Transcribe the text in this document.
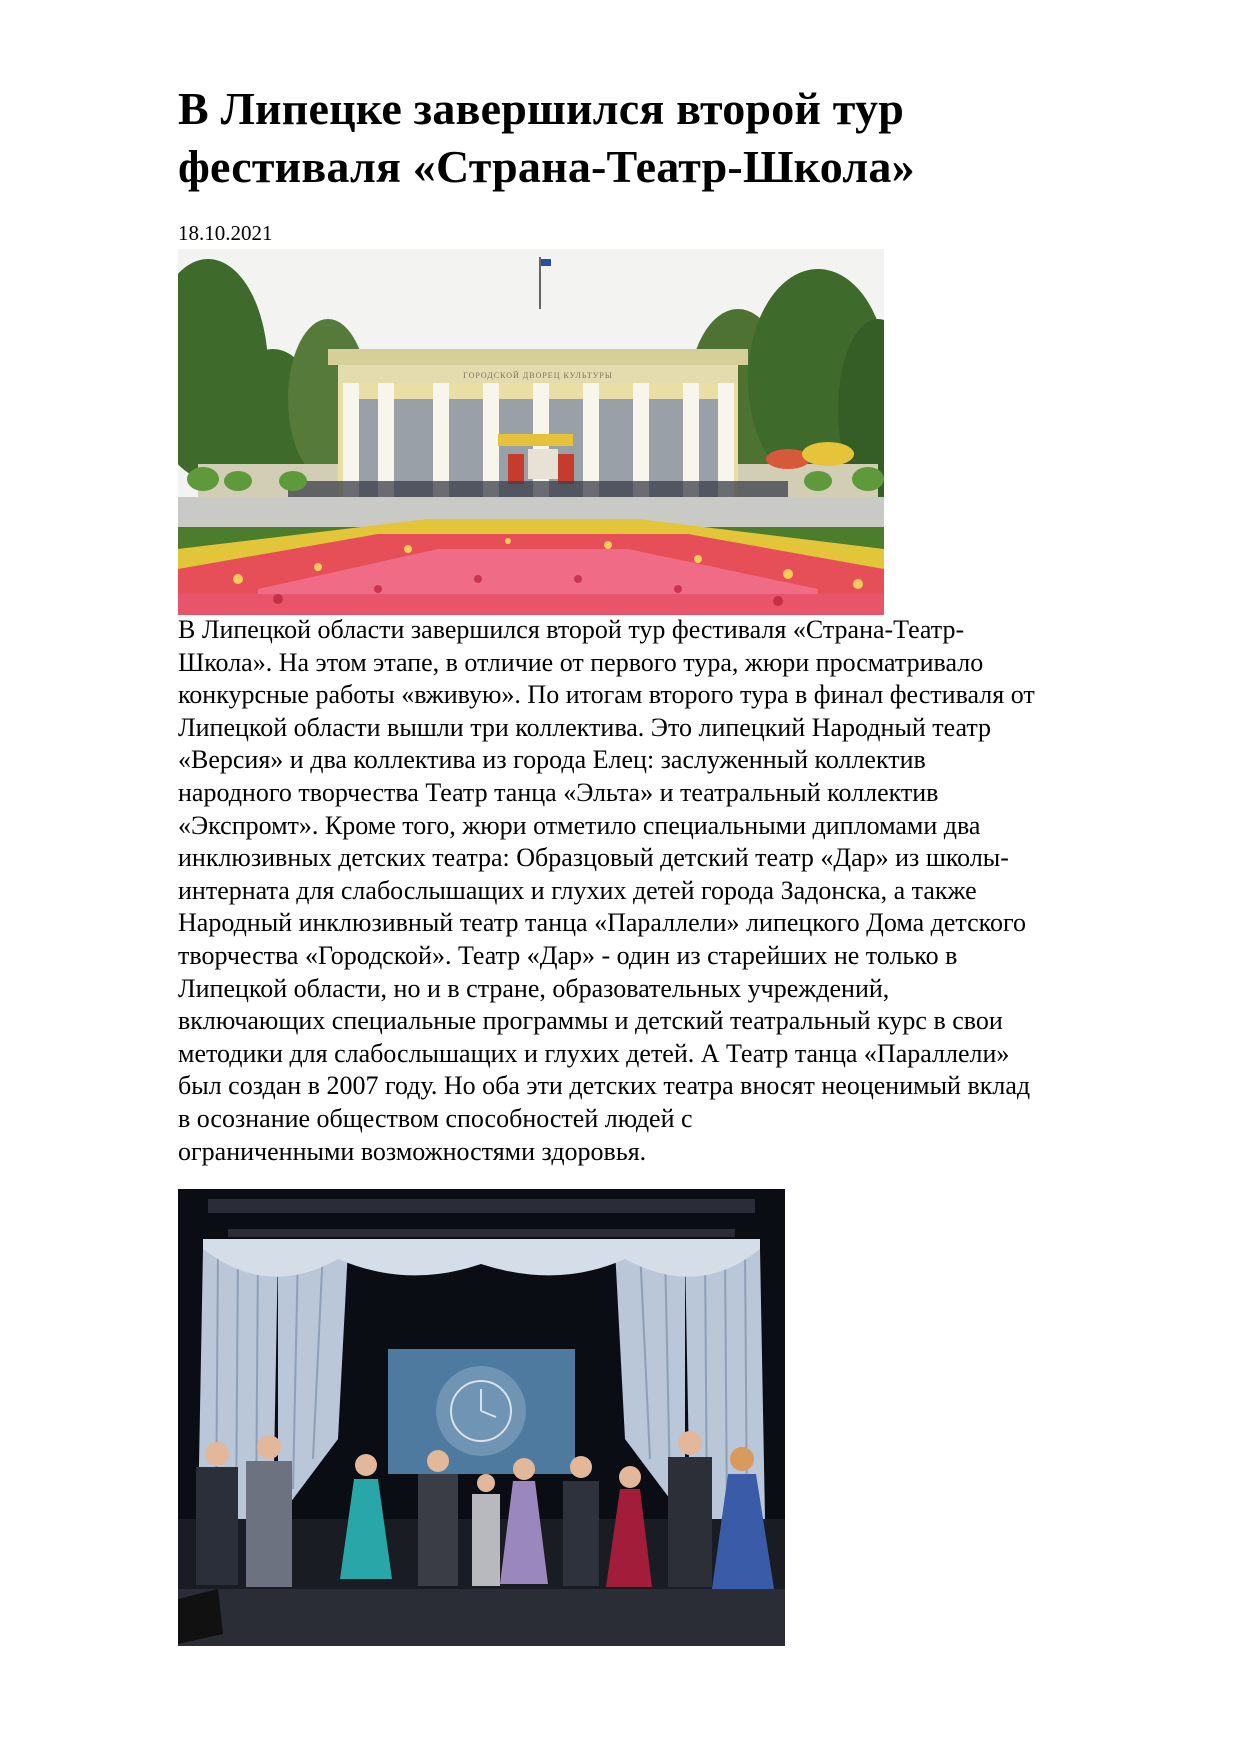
В Липецке завершился второй тур
фестиваля «Страна-Театр-Школа»
18.10.2021
ГОРОДСКОЙ ДВОРЕЦ КУЛЬТУРЫ
В Липецкой области завершился второй тур фестиваля «Страна-Театр-
Школа». На этом этапе, в отличие от первого тура, жюри просматривало
конкурсные работы «вживую». По итогам второго тура в финал фестиваля от
Липецкой области вышли три коллектива. Это липецкий Народный театр
«Версия» и два коллектива из города Елец: заслуженный коллектив
народного творчества Театр танца «Эльта» и театральный коллектив
«Экспромт». Кроме того, жюри отметило специальными дипломами два
инклюзивных детских театра: Образцовый детский театр «Дар» из школы-
интерната для слабослышащих и глухих детей города Задонска, а также
Народный инклюзивный театр танца «Параллели» липецкого Дома детского
творчества «Городской». Театр «Дар» - один из старейших не только в
Липецкой области, но и в стране, образовательных учреждений,
включающих специальные программы и детский театральный курс в свои
методики для слабослышащих и глухих детей. А Театр танца «Параллели»
был создан в 2007 году. Но оба эти детских театра вносят неоценимый вклад
в осознание обществом способностей людей с
ограниченными возможностями здоровья.
